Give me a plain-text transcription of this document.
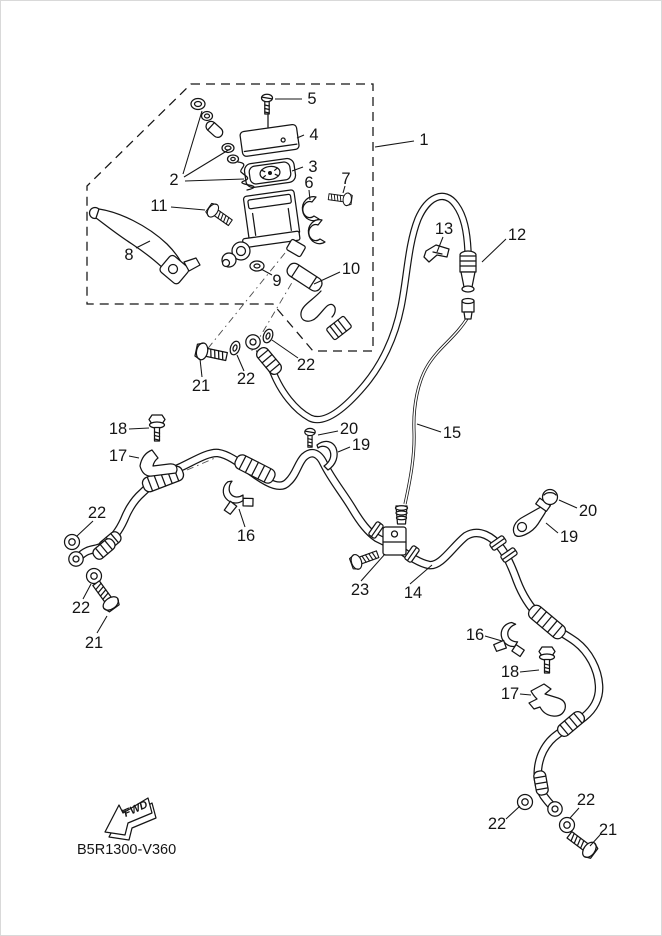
FWD
B5R1300-V360
1
2
3
4
5
6 7
8
9
10
11
12
13
14
15
16
16
17
17
18
18
19
19
20
20
21
21
21
22
22
22
22
22
22
23
